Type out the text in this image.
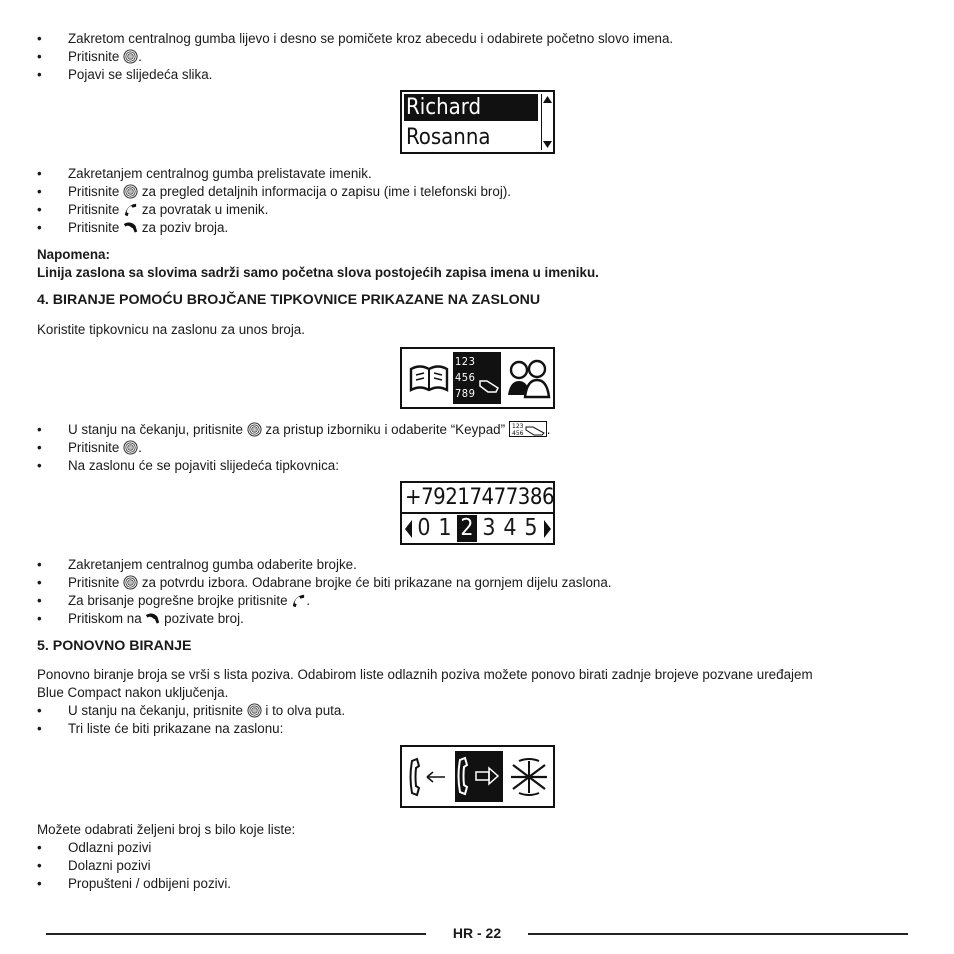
• Zakretom centralnog gumba lijevo i desno se pomičete kroz abecedu i odabirete početno slovo imena.
• Pritisnite .
• Pojavi se slijedeća slika.
Richard
Rosanna
• Zakretanjem centralnog gumba prelistavate imenik.
• Pritisnite za pregled detaljnih informacija o zapisu (ime i telefonski broj).
• Pritisnite za povratak u imenik.
• Pritisnite za poziv broja.
Napomena:
Linija zaslona sa slovima sadrži samo početna slova postojećih zapisa imena u imeniku.
4. BIRANJE POMOĆU BROJČANE TIPKOVNICE PRIKAZANE NA ZASLONU
Koristite tipkovnicu na zaslonu za unos broja.
123
456
789
• U stanju na čekanju, pritisnite za pristup izborniku i odaberite “Keypad” 123
456 .
• Pritisnite .
• Na zaslonu će se pojaviti slijedeća tipkovnica:
+79217477386
0 1 2 3 4 5
• Zakretanjem centralnog gumba odaberite brojke.
• Pritisnite za potvrdu izbora. Odabrane brojke će biti prikazane na gornjem dijelu zaslona.
• Za brisanje pogrešne brojke pritisnite .
• Pritiskom na pozivate broj.
5. PONOVNO BIRANJE
Ponovno biranje broja se vrši s lista poziva. Odabirom liste odlaznih poziva možete ponovo birati zadnje brojeve pozvane uređajem
Blue Compact nakon uključenja.
• U stanju na čekanju, pritisnite i to olva puta.
• Tri liste će biti prikazane na zaslonu:
Možete odabrati željeni broj s bilo koje liste:
• Odlazni pozivi
• Dolazni pozivi
• Propušteni / odbijeni pozivi.
HR - 22
